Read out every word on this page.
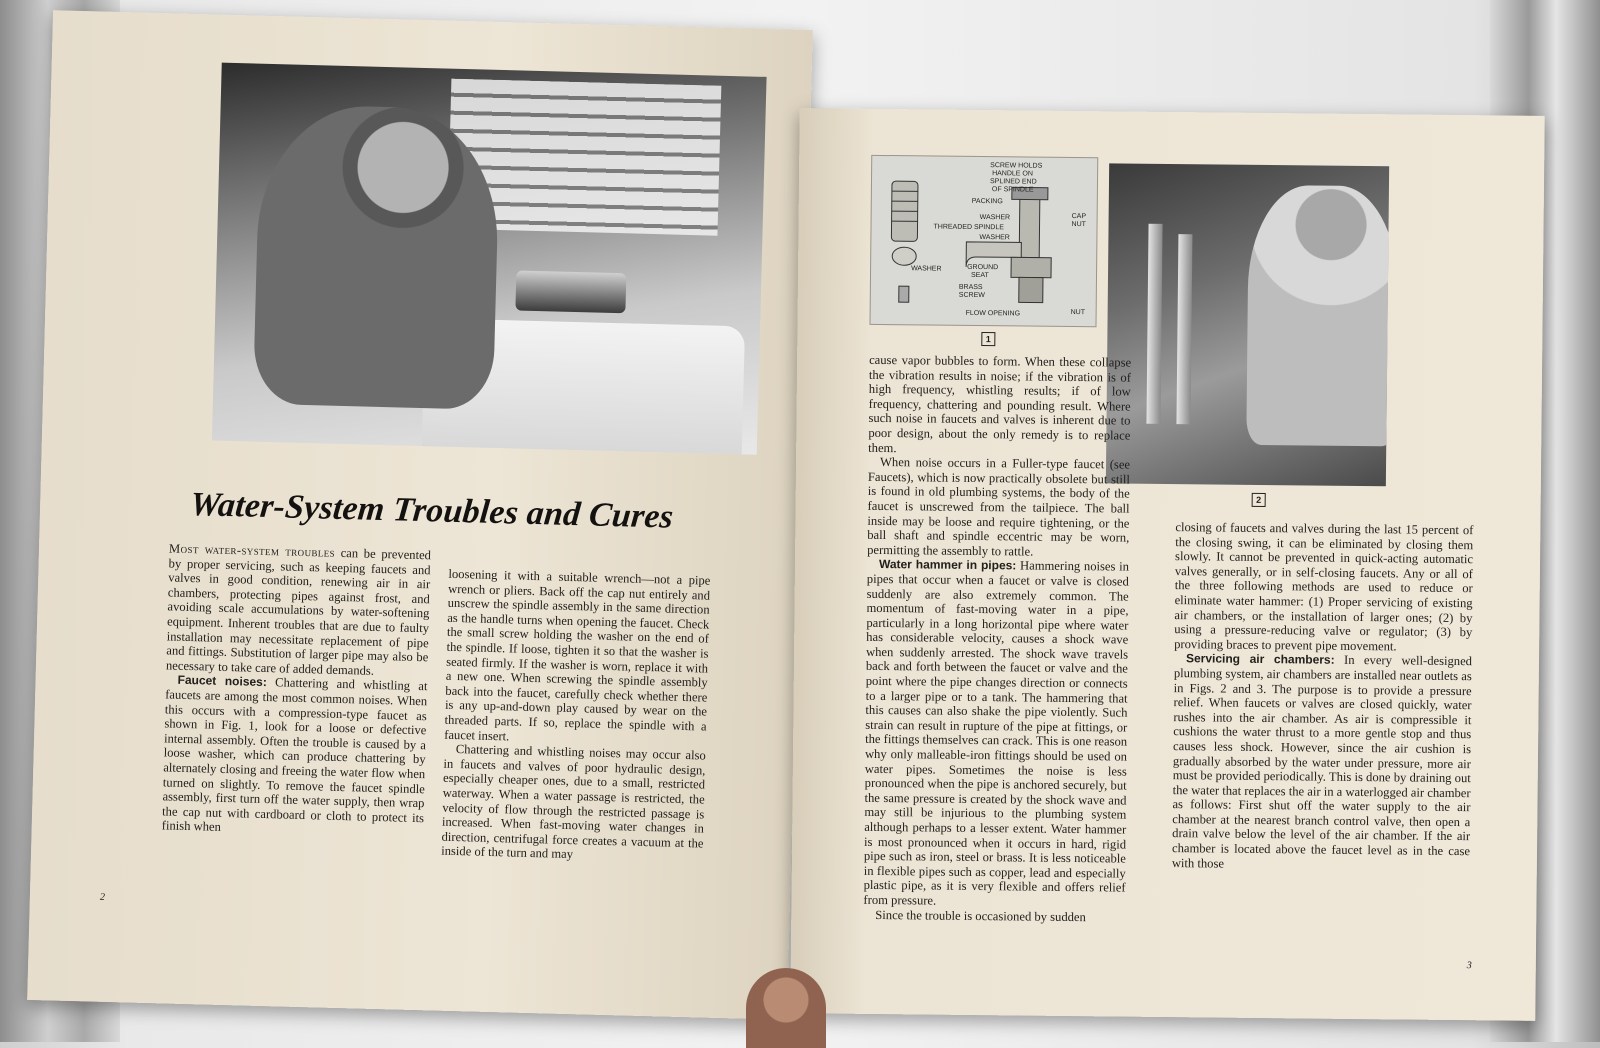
Water-System Troubles and Cures

Most water-system troubles can be prevented by proper servicing, such as keeping faucets and valves in good condition, renewing air in air chambers, protecting pipes against frost, and avoiding scale accumulations by water-softening equipment. Inherent troubles that are due to faulty installation may necessitate replacement of pipe and fittings. Substitution of larger pipe may also be necessary to take care of added demands.

Faucet noises: Chattering and whistling at faucets are among the most common noises. When this occurs with a compression-type faucet as shown in Fig. 1, look for a loose or defective internal assembly. Often the trouble is caused by a loose washer, which can produce chattering by alternately closing and freeing the water flow when turned on slightly. To remove the faucet spindle assembly, first turn off the water supply, then wrap the cap nut with cardboard or cloth to protect its finish when

loosening it with a suitable wrench—not a pipe wrench or pliers. Back off the cap nut entirely and unscrew the spindle assembly in the same direction as the handle turns when opening the faucet. Check the small screw holding the washer on the end of the spindle. If loose, tighten it so that the washer is seated firmly. If the washer is worn, replace it with a new one. When screwing the spindle assembly back into the faucet, carefully check whether there is any up-and-down play caused by wear on the threaded parts. If so, replace the spindle with a faucet insert.

Chattering and whistling noises may occur also in faucets and valves of poor hydraulic design, especially cheaper ones, due to a small, restricted waterway. When a water passage is restricted, the velocity of flow through the restricted passage is increased. When fast-moving water changes in direction, centrifugal force creates a vacuum at the inside of the turn and may

2
SCREW HOLDS
HANDLE ON
SPLINED END
OF SPINDLE
PACKING
WASHER	CAP
NUT
THREADED SPINDLE
WASHER
WASHER	GROUND
SEAT
BRASS
SCREW
FLOW OPENING	NUT
1
2

cause vapor bubbles to form. When these collapse the vibration results in noise; if the vibration is of high frequency, whistling results; if of low frequency, chattering and pounding result. Where such noise in faucets and valves is inherent due to poor design, about the only remedy is to replace them.

When noise occurs in a Fuller-type faucet (see Faucets), which is now practically obsolete but still is found in old plumbing systems, the body of the faucet is unscrewed from the tailpiece. The ball inside may be loose and require tightening, or the ball shaft and spindle eccentric may be worn, permitting the assembly to rattle.

Water hammer in pipes: Hammering noises in pipes that occur when a faucet or valve is closed suddenly are also extremely common. The momentum of fast-moving water in a pipe, particularly in a long horizontal pipe where water has considerable velocity, causes a shock wave when suddenly arrested. The shock wave travels back and forth between the faucet or valve and the point where the pipe changes direction or connects to a larger pipe or to a tank. The hammering that this causes can also shake the pipe violently. Such strain can result in rupture of the pipe at fittings, or the fittings themselves can crack. This is one reason why only malleable-iron fittings should be used on water pipes. Sometimes the noise is less pronounced when the pipe is anchored securely, but the same pressure is created by the shock wave and may still be injurious to the plumbing system although perhaps to a lesser extent. Water hammer is most pronounced when it occurs in hard, rigid pipe such as iron, steel or brass. It is less noticeable in flexible pipes such as copper, lead and especially plastic pipe, as it is very flexible and offers relief from pressure.

Since the trouble is occasioned by sudden

closing of faucets and valves during the last 15 percent of the closing swing, it can be eliminated by closing them slowly. It cannot be prevented in quick-acting automatic valves generally, or in self-closing faucets. Any or all of the three following methods are used to reduce or eliminate water hammer: (1) Proper servicing of existing air chambers, or the installation of larger ones; (2) by using a pressure-reducing valve or regulator; (3) by providing braces to prevent pipe movement.

Servicing air chambers: In every well-designed plumbing system, air chambers are installed near outlets as in Figs. 2 and 3. The purpose is to provide a pressure relief. When faucets or valves are closed quickly, water rushes into the air chamber. As air is compressible it cushions the water thrust to a more gentle stop and thus causes less shock. However, since the air cushion is gradually absorbed by the water under pressure, more air must be provided periodically. This is done by draining out the water that replaces the air in a waterlogged air chamber as follows: First shut off the water supply to the air chamber at the nearest branch control valve, then open a drain valve below the level of the air chamber. If the air chamber is located above the faucet level as in the case with those

3
